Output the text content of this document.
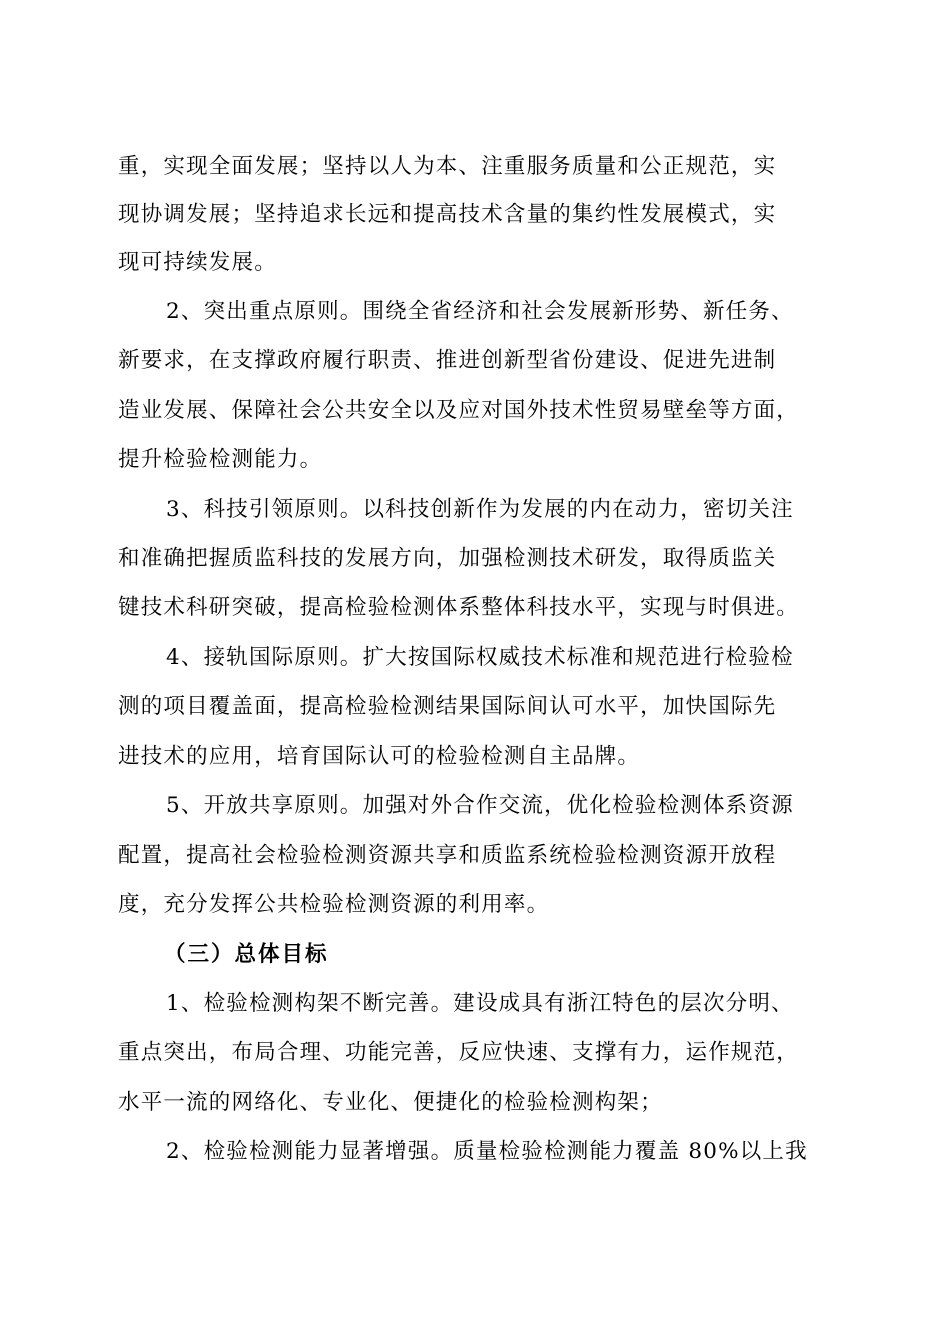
重，实现全面发展；坚持以人为本、注重服务质量和公正规范，实
现协调发展；坚持追求长远和提高技术含量的集约性发展模式，实
现可持续发展。
2、突出重点原则。围绕全省经济和社会发展新形势、新任务、
新要求，在支撑政府履行职责、推进创新型省份建设、促进先进制
造业发展、保障社会公共安全以及应对国外技术性贸易壁垒等方面，
提升检验检测能力。
3、科技引领原则。以科技创新作为发展的内在动力，密切关注
和准确把握质监科技的发展方向，加强检测技术研发，取得质监关
键技术科研突破，提高检验检测体系整体科技水平，实现与时俱进。
4、接轨国际原则。扩大按国际权威技术标准和规范进行检验检
测的项目覆盖面，提高检验检测结果国际间认可水平，加快国际先
进技术的应用，培育国际认可的检验检测自主品牌。
5、开放共享原则。加强对外合作交流，优化检验检测体系资源
配置，提高社会检验检测资源共享和质监系统检验检测资源开放程
度，充分发挥公共检验检测资源的利用率。
（三）总体目标
1、检验检测构架不断完善。建设成具有浙江特色的层次分明、
重点突出，布局合理、功能完善，反应快速、支撑有力，运作规范，
水平一流的网络化、专业化、便捷化的检验检测构架；
2、检验检测能力显著增强。质量检验检测能力覆盖 80%以上我
